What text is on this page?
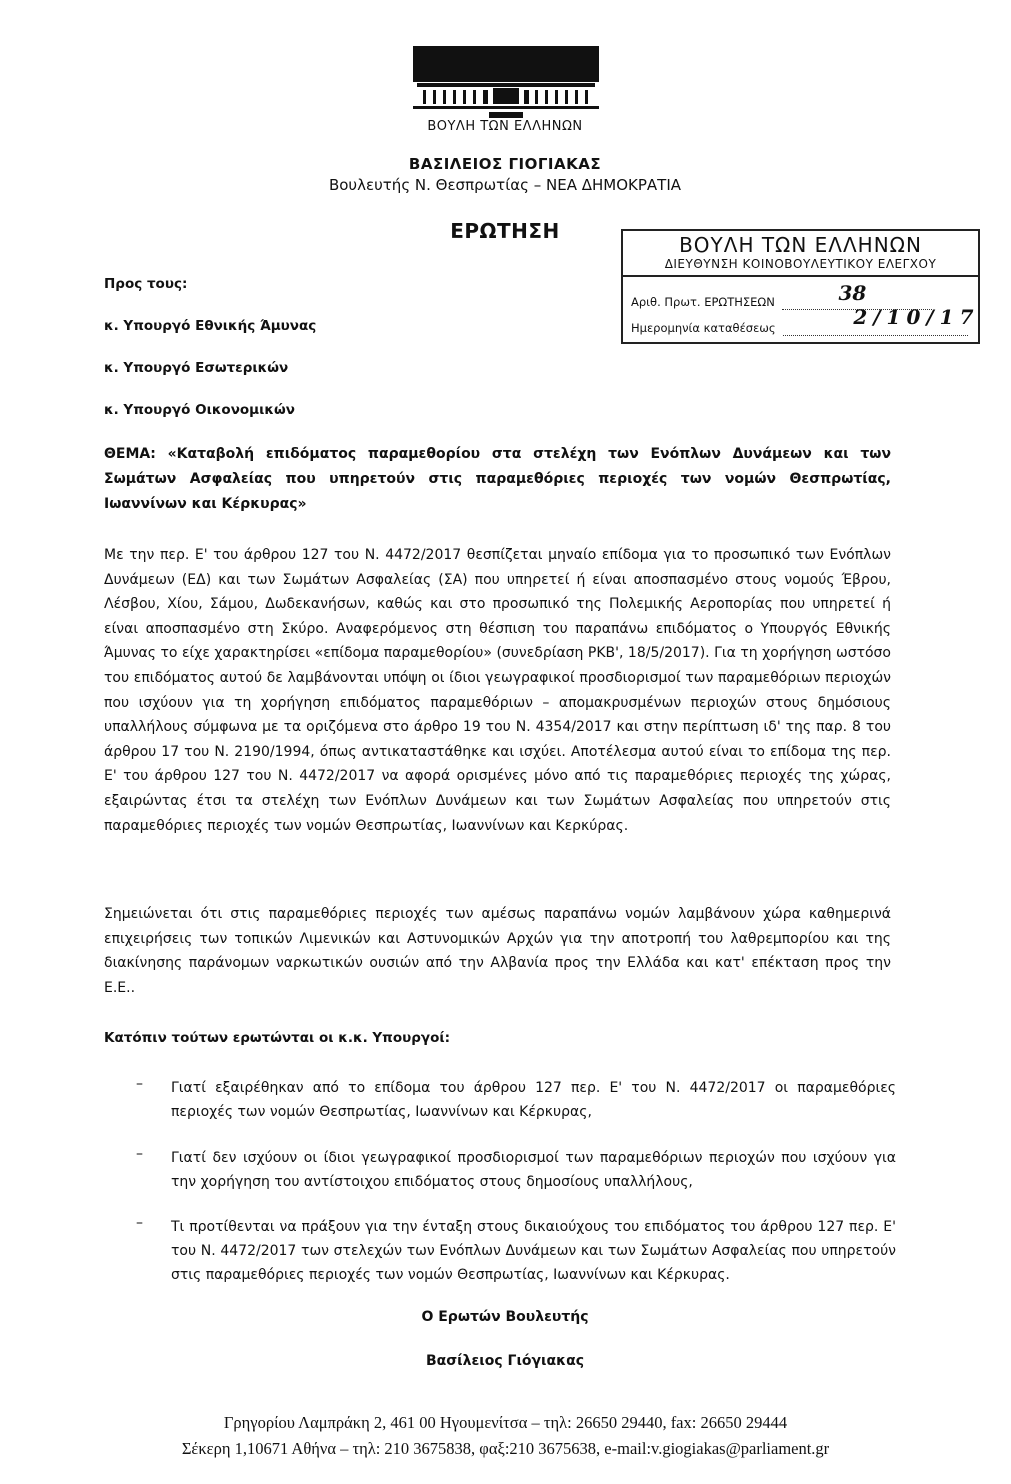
ΒΟΥΛΗ ΤΩΝ ΕΛΛΗΝΩΝ
ΒΑΣΙΛΕΙΟΣ ΓΙΟΓΙΑΚΑΣ
Βουλευτής Ν. Θεσπρωτίας – ΝΕΑ ΔΗΜΟΚΡΑΤΙΑ
ΕΡΩΤΗΣΗ
ΒΟΥΛΗ ΤΩΝ ΕΛΛΗΝΩΝ
ΔΙΕΥΘΥΝΣΗ ΚΟΙΝΟΒΟΥΛΕΥΤΙΚΟΥ ΕΛΕΓΧΟΥ
Αριθ. Πρωτ. ΕΡΩΤΗΣΕΩΝ	38

Ημερομηνία καταθέσεως	2/10/17

Προς τους:
κ. Υπουργό Εθνικής Άμυνας
κ. Υπουργό Εσωτερικών
κ. Υπουργό Οικονομικών
ΘΕΜΑ: «Καταβολή επιδόματος παραμεθορίου στα στελέχη των Ενόπλων Δυνάμεων και των Σωμάτων Ασφαλείας που υπηρετούν στις παραμεθόριες περιοχές των νομών Θεσπρωτίας, Ιωαννίνων και Κέρκυρας»
Με την περ. Ε' του άρθρου 127 του Ν. 4472/2017 θεσπίζεται μηναίο επίδομα για το προσωπικό των Ενόπλων Δυνάμεων (ΕΔ) και των Σωμάτων Ασφαλείας (ΣΑ) που υπηρετεί ή είναι αποσπασμένο στους νομούς Έβρου, Λέσβου, Χίου, Σάμου, Δωδεκανήσων, καθώς και στο προσωπικό της Πολεμικής Αεροπορίας που υπηρετεί ή είναι αποσπασμένο στη Σκύρο. Αναφερόμενος στη θέσπιση του παραπάνω επιδόματος ο Υπουργός Εθνικής Άμυνας το είχε χαρακτηρίσει «επίδομα παραμεθορίου» (συνεδρίαση ΡΚΒ', 18/5/2017). Για τη χορήγηση ωστόσο του επιδόματος αυτού δε λαμβάνονται υπόψη οι ίδιοι γεωγραφικοί προσδιορισμοί των παραμεθόριων περιοχών που ισχύουν για τη χορήγηση επιδόματος παραμεθόριων – απομακρυσμένων περιοχών στους δημόσιους υπαλλήλους σύμφωνα με τα οριζόμενα στο άρθρο 19 του Ν. 4354/2017 και στην περίπτωση ιδ' της παρ. 8 του άρθρου 17 του Ν. 2190/1994, όπως αντικαταστάθηκε και ισχύει. Αποτέλεσμα αυτού είναι το επίδομα της περ. Ε' του άρθρου 127 του Ν. 4472/2017 να αφορά ορισμένες μόνο από τις παραμεθόριες περιοχές της χώρας, εξαιρώντας έτσι τα στελέχη των Ενόπλων Δυνάμεων και των Σωμάτων Ασφαλείας που υπηρετούν στις παραμεθόριες περιοχές των νομών Θεσπρωτίας, Ιωαννίνων και Κερκύρας.
Σημειώνεται ότι στις παραμεθόριες περιοχές των αμέσως παραπάνω νομών λαμβάνουν χώρα καθημερινά επιχειρήσεις των τοπικών Λιμενικών και Αστυνομικών Αρχών για την αποτροπή του λαθρεμπορίου και της διακίνησης παράνομων ναρκωτικών ουσιών από την Αλβανία προς την Ελλάδα και κατ' επέκταση προς την Ε.Ε..
Κατόπιν τούτων ερωτώνται οι κ.κ. Υπουργοί:
– Γιατί εξαιρέθηκαν από το επίδομα του άρθρου 127 περ. Ε' του Ν. 4472/2017 οι παραμεθόριες περιοχές των νομών Θεσπρωτίας, Ιωαννίνων και Κέρκυρας,
– Γιατί δεν ισχύουν οι ίδιοι γεωγραφικοί προσδιορισμοί των παραμεθόριων περιοχών που ισχύουν για την χορήγηση του αντίστοιχου επιδόματος στους δημοσίους υπαλλήλους,
– Τι προτίθενται να πράξουν για την ένταξη στους δικαιούχους του επιδόματος του άρθρου 127 περ. Ε' του Ν. 4472/2017 των στελεχών των Ενόπλων Δυνάμεων και των Σωμάτων Ασφαλείας που υπηρετούν στις παραμεθόριες περιοχές των νομών Θεσπρωτίας, Ιωαννίνων και Κέρκυρας.
Ο Ερωτών Βουλευτής
Βασίλειος Γιόγιακας
Γρηγορίου Λαμπράκη 2, 461 00 Ηγουμενίτσα – τηλ: 26650 29440, fax: 26650 29444
Σέκερη 1,10671 Αθήνα – τηλ: 210 3675838, φαξ:210 3675638, e-mail:v.giogiakas@parliament.gr
